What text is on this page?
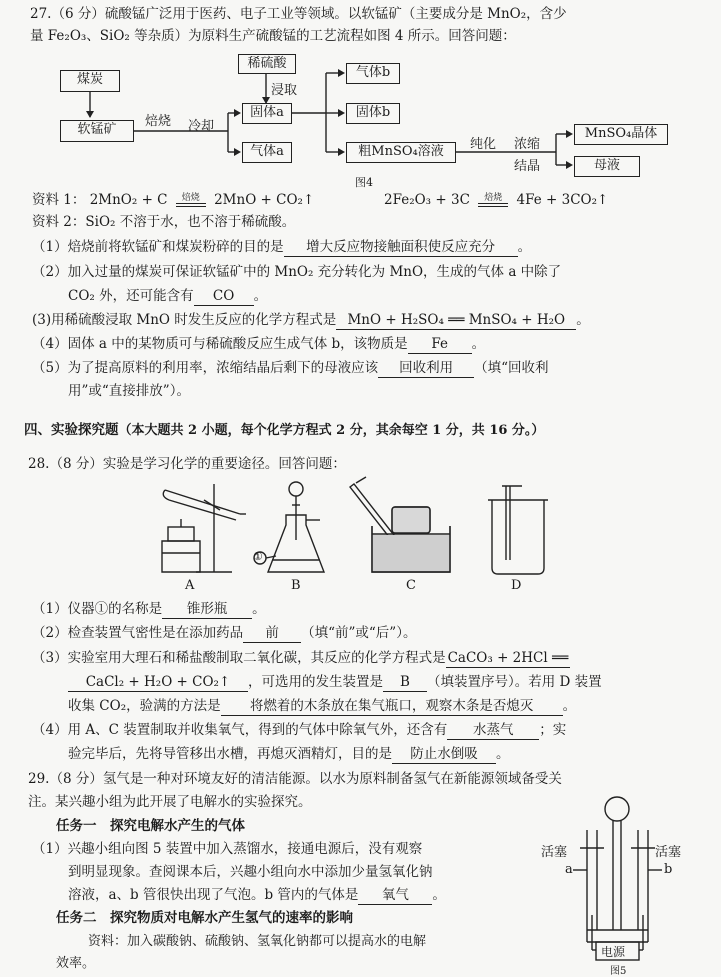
27.（6 分）硫酸锰广泛用于医药、电子工业等领域。以软锰矿（主要成分是 MnO₂，含少
量 Fe₂O₃、SiO₂ 等杂质）为原料生产硫酸锰的工艺流程如图 4 所示。回答问题：
煤炭
软锰矿
焙烧 冷却
稀硫酸
浸取
固体a
气体a
气体b
固体b
粗MnSO₄溶液	纯化 浓缩
结晶
MnSO₄晶体
母液
图4
资料 1： 2MnO₂ + C	焙烧	2MnO + CO₂↑	2Fe₂O₃ + 3C	焙烧	4Fe + 3CO₂↑
资料 2：SiO₂ 不溶于水，也不溶于稀硫酸。
（1）焙烧前将软锰矿和煤炭粉碎的目的是 增大反应物接触面积使反应充分 。
（2）加入过量的煤炭可保证软锰矿中的 MnO₂ 充分转化为 MnO，生成的气体 a 中除了
CO₂ 外，还可能含有 CO 。
(3)用稀硫酸浸取 MnO 时发生反应的化学方程式是 MnO + H₂SO₄ ══ MnSO₄ + H₂O 。
（4）固体 a 中的某物质可与稀硫酸反应生成气体 b，该物质是 Fe 。
（5）为了提高原料的利用率，浓缩结晶后剩下的母液应该 回收利用 （填“回收利
用”或“直接排放”）。
四、实验探究题（本大题共 2 小题，每个化学方程式 2 分，其余每空 1 分，共 16 分。）
28.（8 分）实验是学习化学的重要途径。回答问题：
①
A	B	C	D
（1）仪器①的名称是 锥形瓶 。
（2）检查装置气密性是在添加药品 前 （填“前”或“后”）。
（3）实验室用大理石和稀盐酸制取二氧化碳，其反应的化学方程式是 CaCO₃ + 2HCl ══
CaCl₂ + H₂O + CO₂↑ ，可选用的发生装置是 B （填装置序号）。若用 D 装置
收集 CO₂，验满的方法是 将燃着的木条放在集气瓶口，观察木条是否熄灭 。
（4）用 A、C 装置制取并收集氧气，得到的气体中除氧气外，还含有 水蒸气 ；实
验完毕后，先将导管移出水槽，再熄灭酒精灯，目的是 防止水倒吸 。
29.（8 分）氢气是一种对环境友好的清洁能源。以水为原料制备氢气在新能源领域备受关
注。某兴趣小组为此开展了电解水的实验探究。
任务一　探究电解水产生的气体
（1）兴趣小组向图 5 装置中加入蒸馏水，接通电源后，没有观察
到明显现象。查阅课本后，兴趣小组向水中添加少量氢氧化钠
溶液，a、b 管很快出现了气泡。b 管内的气体是 氧气 。
任务二　探究物质对电解水产生氢气的速率的影响
资料：加入碳酸钠、硫酸钠、氢氧化钠都可以提高水的电解
效率。
活塞	活塞
a	b
电源
图5
